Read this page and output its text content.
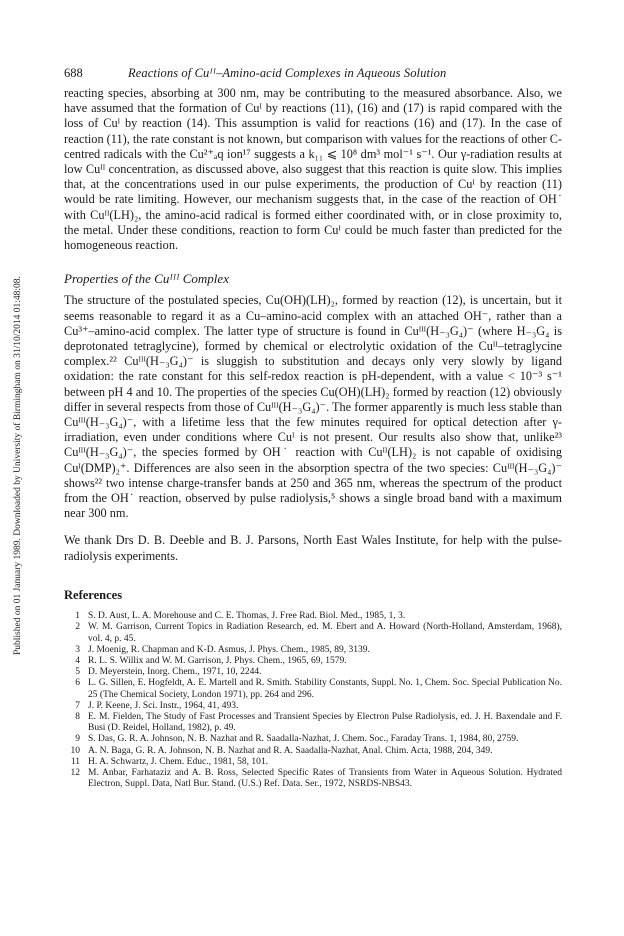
Published on 01 January 1989. Downloaded by University of Birmingham on 31/10/2014 01:48:08.
688	Reactions of Cuᴵᴵ–Amino-acid Complexes in Aqueous Solution

reacting species, absorbing at 300 nm, may be contributing to the measured absorbance. Also, we have assumed that the formation of Cuᴵ by reactions (11), (16) and (17) is rapid compared with the loss of Cuᴵ by reaction (14). This assumption is valid for reactions (16) and (17). In the case of reaction (11), the rate constant is not known, but comparison with values for the reactions of other C-centred radicals with the Cu²⁺ₐq ion¹⁷ suggests a k₁₁ ⩽ 10⁸ dm³ mol⁻¹ s⁻¹. Our γ-radiation results at low Cuᴵᴵ concentration, as discussed above, also suggest that this reaction is quite slow. This implies that, at the concentrations used in our pulse experiments, the production of Cuᴵ by reaction (11) would be rate limiting. However, our mechanism suggests that, in the case of the reaction of OH˙ with Cuᴵᴵ(LH)₂, the amino-acid radical is formed either coordinated with, or in close proximity to, the metal. Under these conditions, reaction to form Cuᴵ could be much faster than predicted for the homogeneous reaction.

Properties of the Cuᴵᴵᴵ Complex

The structure of the postulated species, Cu(OH)(LH)₂, formed by reaction (12), is uncertain, but it seems reasonable to regard it as a Cu–amino-acid complex with an attached OH⁻, rather than a Cu³⁺–amino-acid complex. The latter type of structure is found in Cuᴵᴵᴵ(H₋₃G₄)⁻ (where H₋₃G₄ is deprotonated tetraglycine), formed by chemical or electrolytic oxidation of the Cuᴵᴵ–tetraglycine complex.²² Cuᴵᴵᴵ(H₋₃G₄)⁻ is sluggish to substitution and decays only very slowly by ligand oxidation: the rate constant for this self-redox reaction is pH-dependent, with a value < 10⁻³ s⁻¹ between pH 4 and 10. The properties of the species Cu(OH)(LH)₂ formed by reaction (12) obviously differ in several respects from those of Cuᴵᴵᴵ(H₋₃G₄)⁻. The former apparently is much less stable than Cuᴵᴵᴵ(H₋₃G₄)⁻, with a lifetime less that the few minutes required for optical detection after γ-irradiation, even under conditions where Cuᴵ is not present. Our results also show that, unlike²³ Cuᴵᴵᴵ(H₋₃G₄)⁻, the species formed by OH˙ reaction with Cuᴵᴵ(LH)₂ is not capable of oxidising Cuᴵ(DMP)₂⁺. Differences are also seen in the absorption spectra of the two species: Cuᴵᴵᴵ(H₋₃G₄)⁻ shows²² two intense charge-transfer bands at 250 and 365 nm, whereas the spectrum of the product from the OH˙ reaction, observed by pulse radiolysis,⁵ shows a single broad band with a maximum near 300 nm.

We thank Drs D. B. Deeble and B. J. Parsons, North East Wales Institute, for help with the pulse-radiolysis experiments.

References
1 S. D. Aust, L. A. Morehouse and C. E. Thomas, J. Free Rad. Biol. Med., 1985, 1, 3.
2 W. M. Garrison, Current Topics in Radiation Research, ed. M. Ebert and A. Howard (North-Holland, Amsterdam, 1968), vol. 4, p. 45.
3 J. Moenig, R. Chapman and K-D. Asmus, J. Phys. Chem., 1985, 89, 3139.
4 R. L. S. Willix and W. M. Garrison, J. Phys. Chem., 1965, 69, 1579.
5 D. Meyerstein, Inorg. Chem., 1971, 10, 2244.
6 L. G. Sillen, E. Hogfeldt, A. E. Martell and R. Smith. Stability Constants, Suppl. No. 1, Chem. Soc. Special Publication No. 25 (The Chemical Society, London 1971), pp. 264 and 296.
7 J. P. Keene, J. Sci. Instr., 1964, 41, 493.
8 E. M. Fielden, The Study of Fast Processes and Transient Species by Electron Pulse Radiolysis, ed. J. H. Baxendale and F. Busi (D. Reidel, Holland, 1982), p. 49.
9 S. Das, G. R. A. Johnson, N. B. Nazhat and R. Saadalla-Nazhat, J. Chem. Soc., Faraday Trans. 1, 1984, 80, 2759.
10 A. N. Baga, G. R. A. Johnson, N. B. Nazhat and R. A. Saadalla-Nazhat, Anal. Chim. Acta, 1988, 204, 349.
11 H. A. Schwartz, J. Chem. Educ., 1981, 58, 101.
12 M. Anbar, Farhataziz and A. B. Ross, Selected Specific Rates of Transients from Water in Aqueous Solution. Hydrated Electron, Suppl. Data, Natl Bur. Stand. (U.S.) Ref. Data. Ser., 1972, NSRDS-NBS43.
